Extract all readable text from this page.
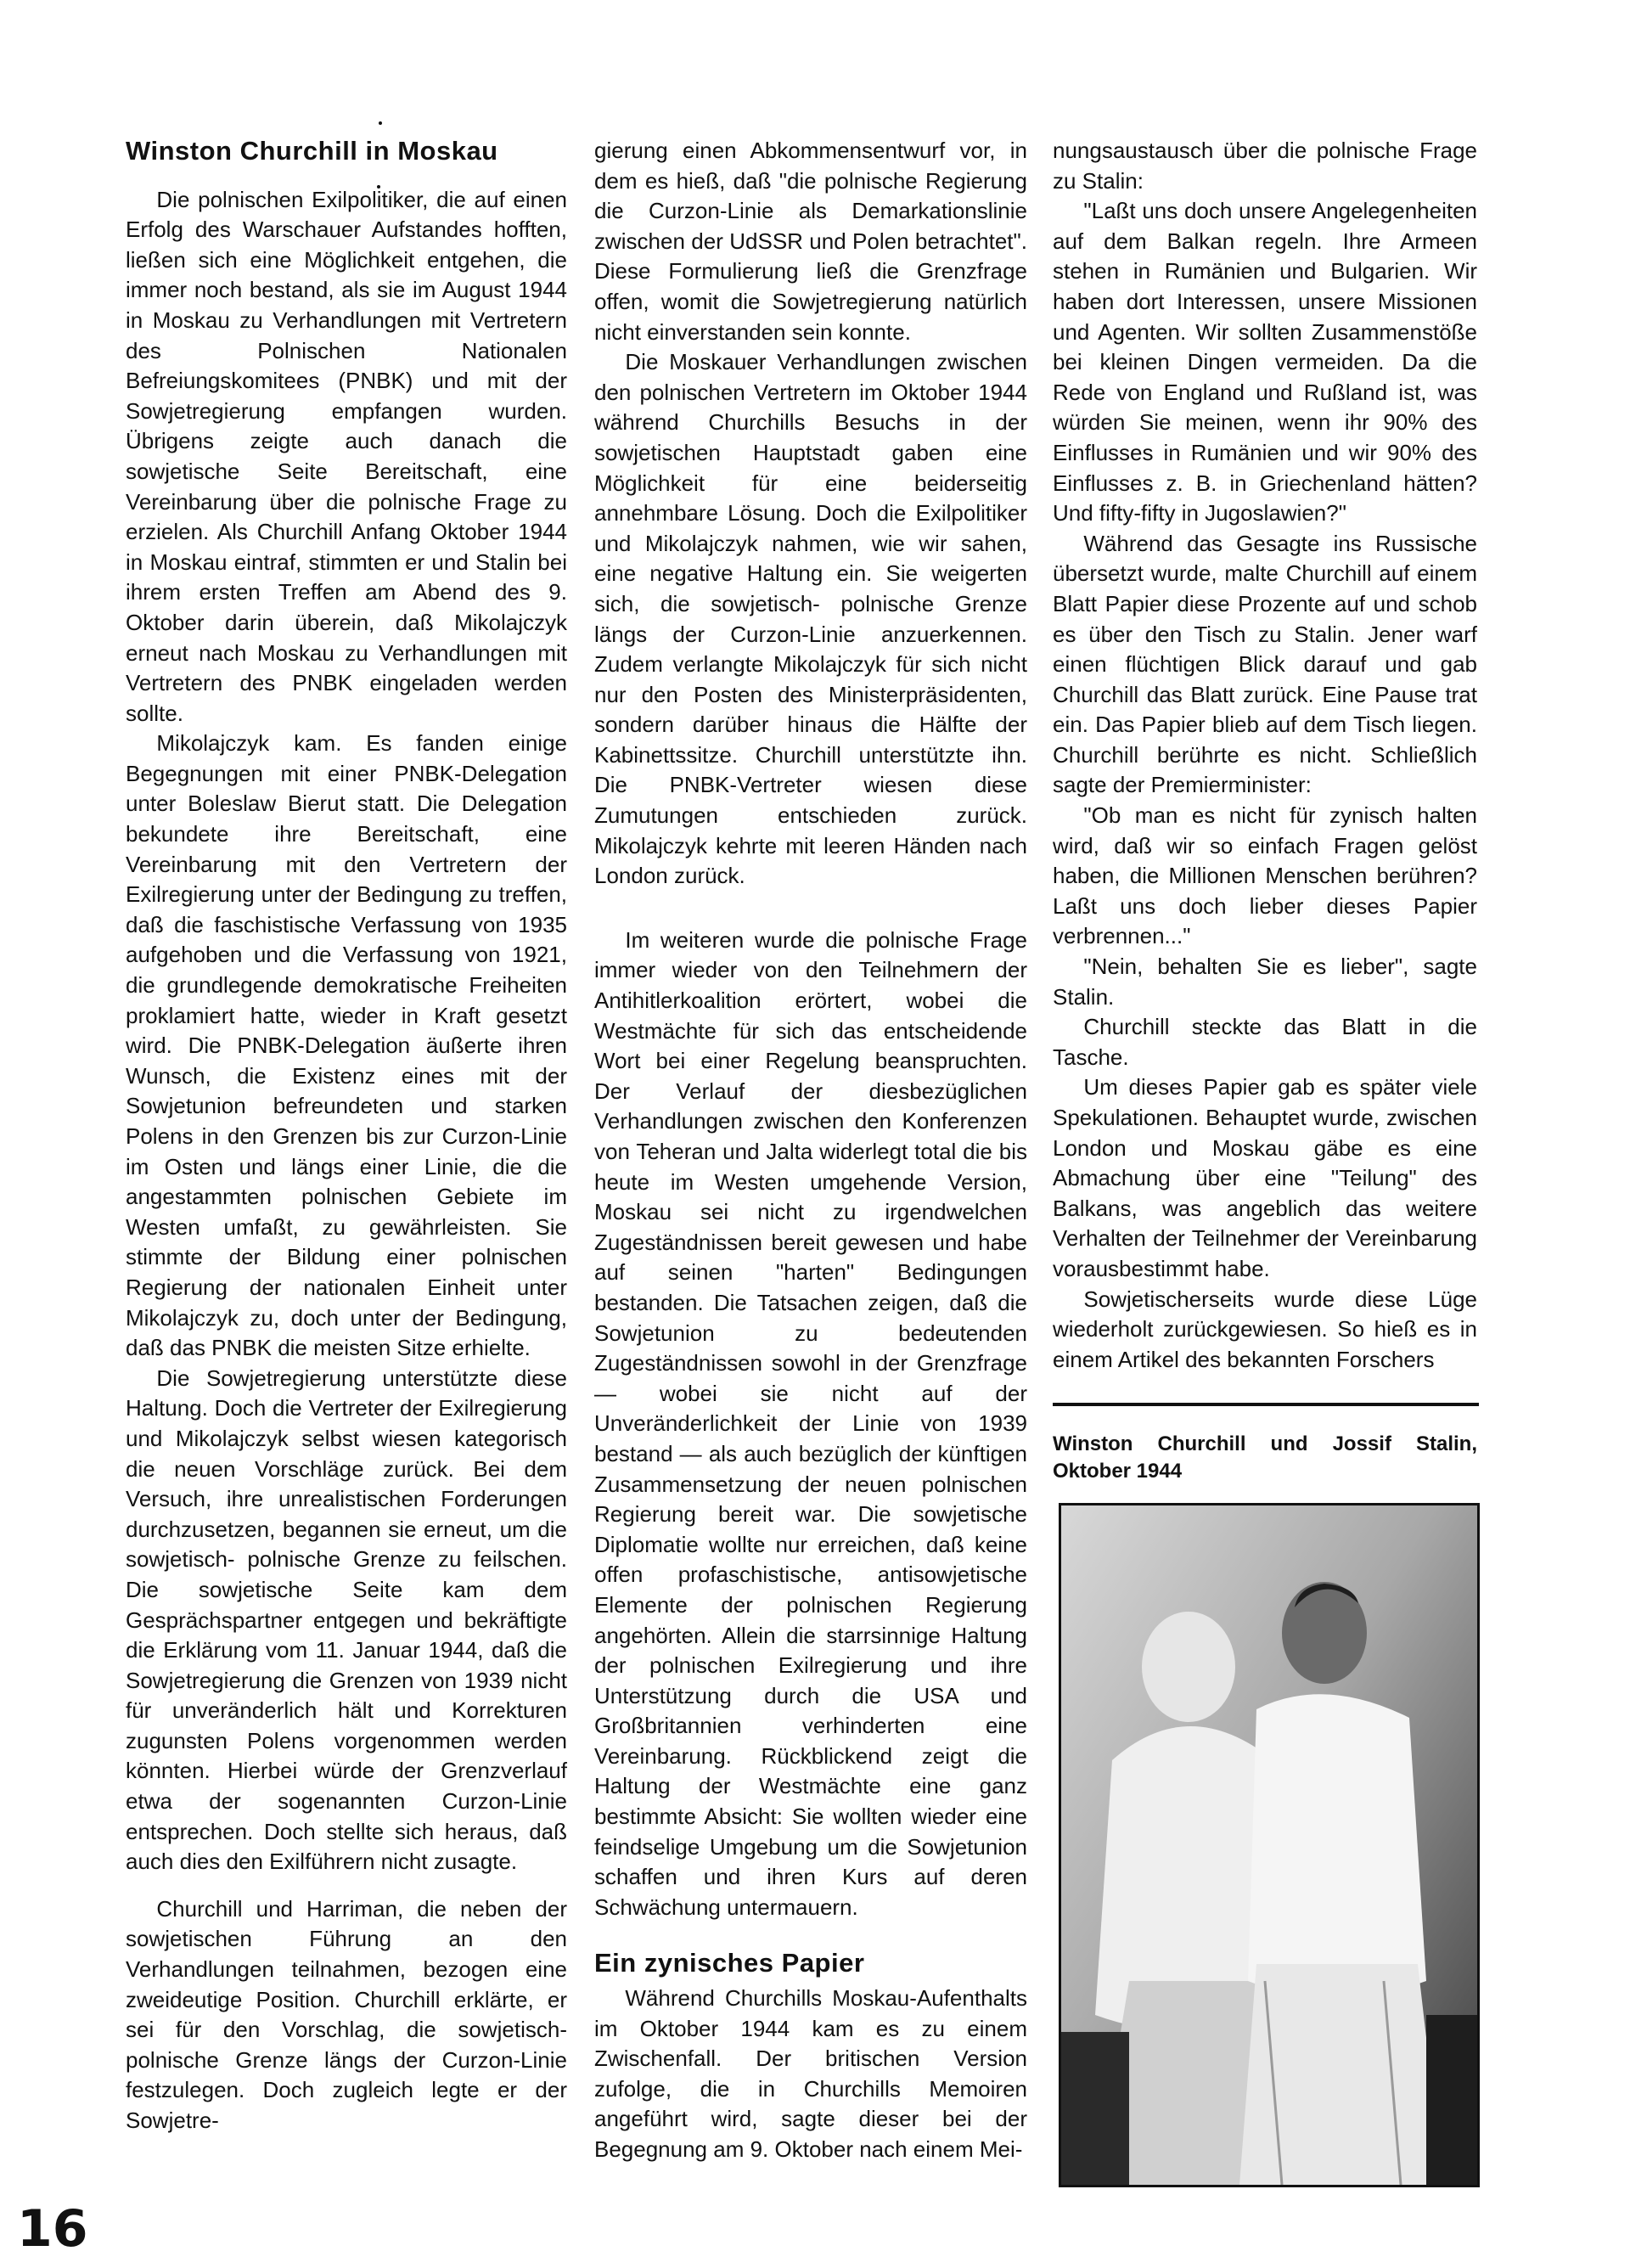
Winston Churchill in Moskau

Die polnischen Exilpolitiker, die auf einen Erfolg des Warschauer Aufstandes hofften, ließen sich eine Möglichkeit entgehen, die immer noch bestand, als sie im August 1944 in Moskau zu Verhandlungen mit Vertretern des Polnischen Nationalen Befreiungskomitees (PNBK) und mit der Sowjetregierung empfangen wurden. Übrigens zeigte auch danach die sowjetische Seite Bereitschaft, eine Vereinbarung über die polnische Frage zu erzielen. Als Churchill Anfang Oktober 1944 in Moskau eintraf, stimmten er und Stalin bei ihrem ersten Treffen am Abend des 9. Oktober darin überein, daß Mikolajczyk erneut nach Moskau zu Verhandlungen mit Vertretern des PNBK eingeladen werden sollte.

Mikolajczyk kam. Es fanden einige Begegnungen mit einer PNBK-Delegation unter Boleslaw Bierut statt. Die Delegation bekundete ihre Bereitschaft, eine Vereinbarung mit den Vertretern der Exilregierung unter der Bedingung zu treffen, daß die faschistische Verfassung von 1935 aufgehoben und die Verfassung von 1921, die grundlegende demokratische Freiheiten proklamiert hatte, wieder in Kraft gesetzt wird. Die PNBK-Delegation äußerte ihren Wunsch, die Existenz eines mit der Sowjetunion befreundeten und starken Polens in den Grenzen bis zur Curzon-Linie im Osten und längs einer Linie, die die angestammten polnischen Gebiete im Westen umfaßt, zu gewährleisten. Sie stimmte der Bildung einer polnischen Regierung der nationalen Einheit unter Mikolajczyk zu, doch unter der Bedingung, daß das PNBK die meisten Sitze erhielte.

Die Sowjetregierung unterstützte diese Haltung. Doch die Vertreter der Exilregierung und Mikolajczyk selbst wiesen kategorisch die neuen Vorschläge zurück. Bei dem Versuch, ihre unrealistischen Forderungen durchzusetzen, begannen sie erneut, um die sowjetisch- polnische Grenze zu feilschen. Die sowjetische Seite kam dem Gesprächspartner entgegen und bekräftigte die Erklärung vom 11. Januar 1944, daß die Sowjetregierung die Grenzen von 1939 nicht für unveränderlich hält und Korrekturen zugunsten Polens vorgenommen werden könnten. Hierbei würde der Grenzverlauf etwa der sogenannten Curzon-Linie entsprechen. Doch stellte sich heraus, daß auch dies den Exilführern nicht zusagte.

Churchill und Harriman, die neben der sowjetischen Führung an den Verhandlungen teilnahmen, bezogen eine zweideutige Position. Churchill erklärte, er sei für den Vorschlag, die sowjetisch- polnische Grenze längs der Curzon-Linie festzulegen. Doch zugleich legte er der Sowjetre-

gierung einen Abkommensentwurf vor, in dem es hieß, daß "die polnische Regierung die Curzon-Linie als Demarkationslinie zwischen der UdSSR und Polen betrachtet". Diese Formulierung ließ die Grenzfrage offen, womit die Sowjetregierung natürlich nicht einverstanden sein konnte.

Die Moskauer Verhandlungen zwischen den polnischen Vertretern im Oktober 1944 während Churchills Besuchs in der sowjetischen Hauptstadt gaben eine Möglichkeit für eine beiderseitig annehmbare Lösung. Doch die Exilpolitiker und Mikolajczyk nahmen, wie wir sahen, eine negative Haltung ein. Sie weigerten sich, die sowjetisch- polnische Grenze längs der Curzon-Linie anzuerkennen. Zudem verlangte Mikolajczyk für sich nicht nur den Posten des Ministerpräsidenten, sondern darüber hinaus die Hälfte der Kabinettssitze. Churchill unterstützte ihn. Die PNBK-Vertreter wiesen diese Zumutungen entschieden zurück. Mikolajczyk kehrte mit leeren Händen nach London zurück.

Im weiteren wurde die polnische Frage immer wieder von den Teilnehmern der Antihitlerkoalition erörtert, wobei die Westmächte für sich das entscheidende Wort bei einer Regelung beanspruchten. Der Verlauf der diesbezüglichen Verhandlungen zwischen den Konferenzen von Teheran und Jalta widerlegt total die bis heute im Westen umgehende Version, Moskau sei nicht zu irgendwelchen Zugeständnissen bereit gewesen und habe auf seinen "harten" Bedingungen bestanden. Die Tatsachen zeigen, daß die Sowjetunion zu bedeutenden Zugeständnissen sowohl in der Grenzfrage — wobei sie nicht auf der Unveränderlichkeit der Linie von 1939 bestand — als auch bezüglich der künftigen Zusammensetzung der neuen polnischen Regierung bereit war. Die sowjetische Diplomatie wollte nur erreichen, daß keine offen profaschistische, antisowjetische Elemente der polnischen Regierung angehörten. Allein die starrsinnige Haltung der polnischen Exilregierung und ihre Unterstützung durch die USA und Großbritannien verhinderten eine Vereinbarung. Rückblickend zeigt die Haltung der Westmächte eine ganz bestimmte Absicht: Sie wollten wieder eine feindselige Umgebung um die Sowjetunion schaffen und ihren Kurs auf deren Schwächung untermauern.

Ein zynisches Papier

Während Churchills Moskau-Aufenthalts im Oktober 1944 kam es zu einem Zwischenfall. Der britischen Version zufolge, die in Churchills Memoiren angeführt wird, sagte dieser bei der Begegnung am 9. Oktober nach einem Mei-

nungsaustausch über die polnische Frage zu Stalin:

"Laßt uns doch unsere Angelegenheiten auf dem Balkan regeln. Ihre Armeen stehen in Rumänien und Bulgarien. Wir haben dort Interessen, unsere Missionen und Agenten. Wir sollten Zusammenstöße bei kleinen Dingen vermeiden. Da die Rede von England und Rußland ist, was würden Sie meinen, wenn ihr 90% des Einflusses in Rumänien und wir 90% des Einflusses z. B. in Griechenland hätten? Und fifty-fifty in Jugoslawien?"

Während das Gesagte ins Russische übersetzt wurde, malte Churchill auf einem Blatt Papier diese Prozente auf und schob es über den Tisch zu Stalin. Jener warf einen flüchtigen Blick darauf und gab Churchill das Blatt zurück. Eine Pause trat ein. Das Papier blieb auf dem Tisch liegen. Churchill berührte es nicht. Schließlich sagte der Premierminister:

"Ob man es nicht für zynisch halten wird, daß wir so einfach Fragen gelöst haben, die Millionen Menschen berühren? Laßt uns doch lieber dieses Papier verbrennen..."

"Nein, behalten Sie es lieber", sagte Stalin.

Churchill steckte das Blatt in die Tasche.

Um dieses Papier gab es später viele Spekulationen. Behauptet wurde, zwischen London und Moskau gäbe es eine Abmachung über eine "Teilung" des Balkans, was angeblich das weitere Verhalten der Teilnehmer der Vereinbarung vorausbestimmt habe.

Sowjetischerseits wurde diese Lüge wiederholt zurückgewiesen. So hieß es in einem Artikel des bekannten Forschers

Winston Churchill und Jossif Stalin, Oktober 1944
16
